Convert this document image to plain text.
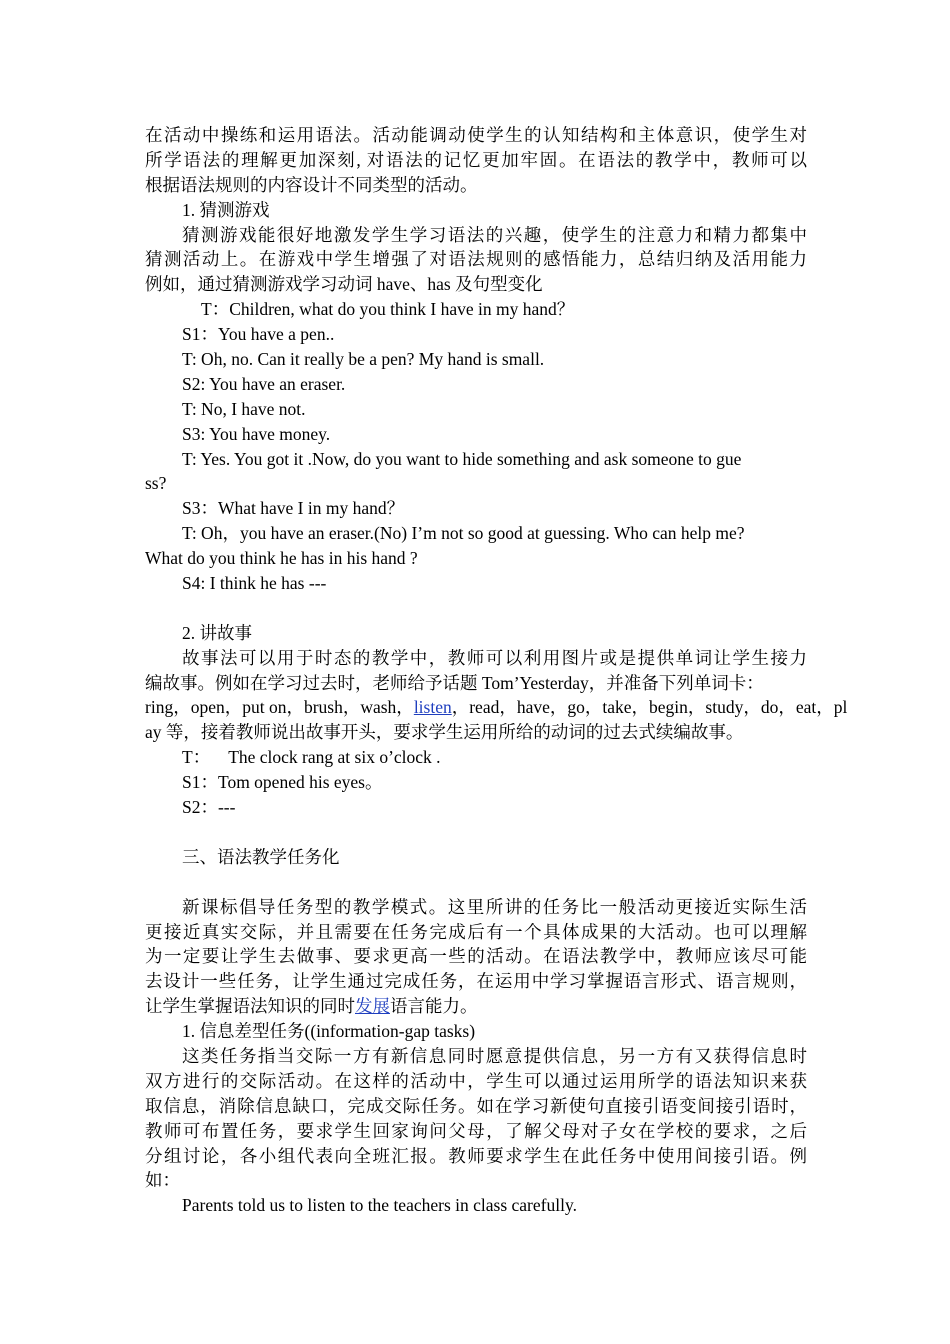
在活动中操练和运用语法。活动能调动使学生的认知结构和主体意识，使学生对
所学语法的理解更加深刻, 对语法的记忆更加牢固。在语法的教学中，教师可以
根据语法规则的内容设计不同类型的活动。
1. 猜测游戏
猜测游戏能很好地激发学生学习语法的兴趣，使学生的注意力和精力都集中
猜测活动上。在游戏中学生增强了对语法规则的感悟能力，总结归纳及活用能力
例如，通过猜测游戏学习动词 have、has 及句型变化
T：Children, what do you think I have in my hand？
S1：You have a pen..
T: Oh, no. Can it really be a pen? My hand is small.
S2: You have an eraser.
T: No, I have not.
S3: You have money.
T: Yes. You got it .Now, do you want to hide something and ask someone to gue
ss?
S3：What have I in my hand？
T: Oh，you have an eraser.(No) I’m not so good at guessing. Who can help me?
What do you think he has in his hand ?
S4: I think he has ---
2. 讲故事
故事法可以用于时态的教学中，教师可以利用图片或是提供单词让学生接力
编故事。例如在学习过去时，老师给予话题 Tom’Yesterday，并准备下列单词卡：
ring，open，put on，brush，wash，listen，read，have，go，take，begin，study，do，eat，pl
ay 等，接着教师说出故事开头，要求学生运用所给的动词的过去式续编故事。
T： The clock rang at six o’clock .
S1：Tom opened his eyes。
S2：---
三、语法教学任务化
新课标倡导任务型的教学模式。这里所讲的任务比一般活动更接近实际生活
更接近真实交际，并且需要在任务完成后有一个具体成果的大活动。也可以理解
为一定要让学生去做事、要求更高一些的活动。在语法教学中，教师应该尽可能
去设计一些任务，让学生通过完成任务，在运用中学习掌握语言形式、语言规则，
让学生掌握语法知识的同时发展语言能力。
1. 信息差型任务((information-gap tasks)
这类任务指当交际一方有新信息同时愿意提供信息，另一方有又获得信息时
双方进行的交际活动。在这样的活动中，学生可以通过运用所学的语法知识来获
取信息，消除信息缺口，完成交际任务。如在学习新使句直接引语变间接引语时，
教师可布置任务，要求学生回家询问父母，了解父母对子女在学校的要求，之后
分组讨论，各小组代表向全班汇报。教师要求学生在此任务中使用间接引语。例
如：
Parents told us to listen to the teachers in class carefully.
